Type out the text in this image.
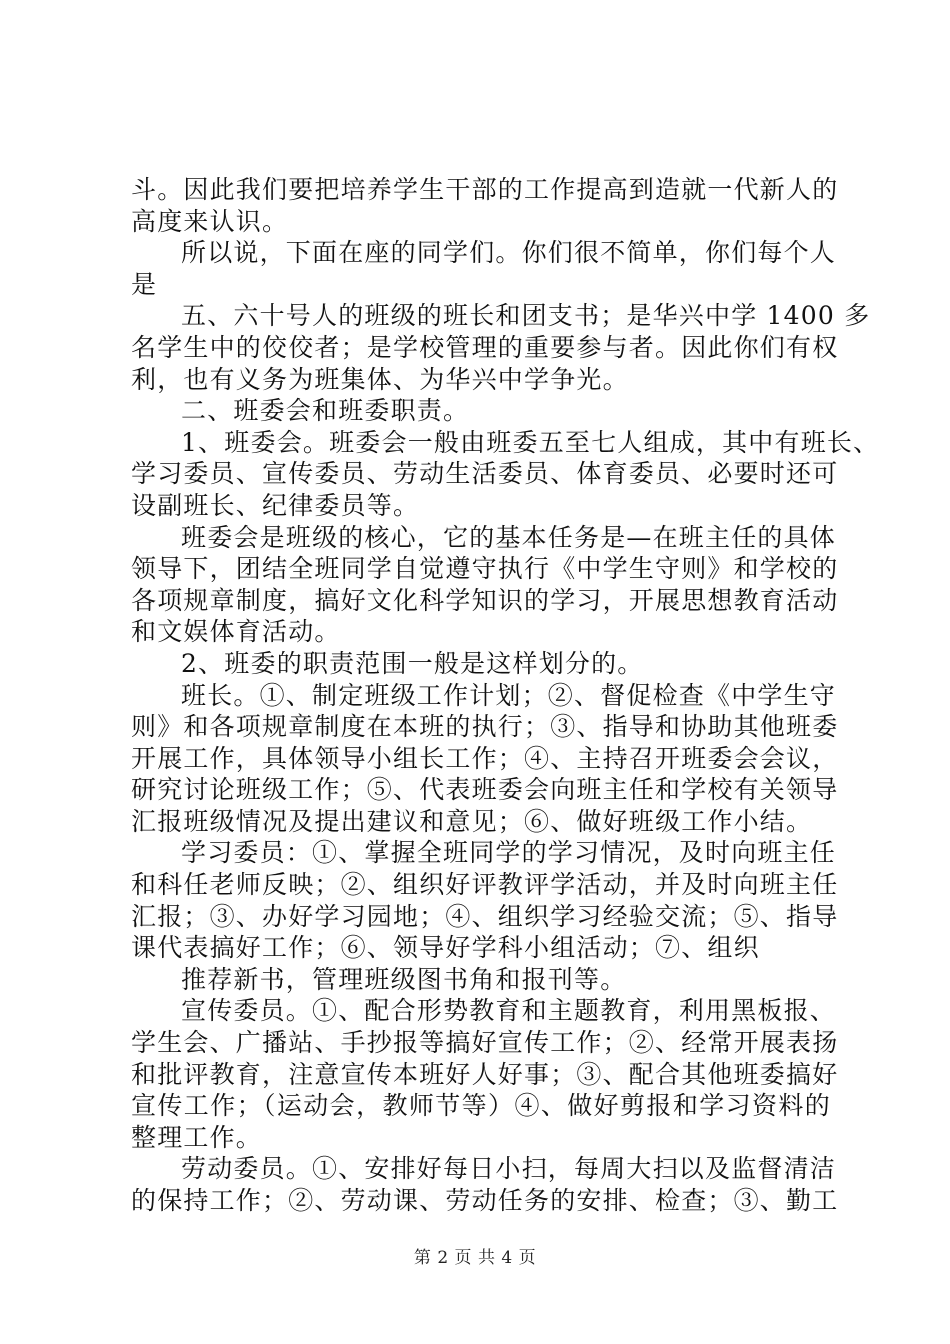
斗。因此我们要把培养学生干部的工作提高到造就一代新人的
高度来认识。
所以说，下面在座的同学们。你们很不简单，你们每个人
是
五、六十号人的班级的班长和团支书；是华兴中学 1400 多
名学生中的佼佼者；是学校管理的重要参与者。因此你们有权
利，也有义务为班集体、为华兴中学争光。
二、班委会和班委职责。
1、班委会。班委会一般由班委五至七人组成，其中有班长、
学习委员、宣传委员、劳动生活委员、体育委员、必要时还可
设副班长、纪律委员等。
班委会是班级的核心，它的基本任务是—在班主任的具体
领导下，团结全班同学自觉遵守执行《中学生守则》和学校的
各项规章制度，搞好文化科学知识的学习，开展思想教育活动
和文娱体育活动。
2、班委的职责范围一般是这样划分的。
班长。①、制定班级工作计划；②、督促检查《中学生守
则》和各项规章制度在本班的执行；③、指导和协助其他班委
开展工作，具体领导小组长工作；④、主持召开班委会会议，
研究讨论班级工作；⑤、代表班委会向班主任和学校有关领导
汇报班级情况及提出建议和意见；⑥、做好班级工作小结。
学习委员：①、掌握全班同学的学习情况，及时向班主任
和科任老师反映；②、组织好评教评学活动，并及时向班主任
汇报；③、办好学习园地；④、组织学习经验交流；⑤、指导
课代表搞好工作；⑥、领导好学科小组活动；⑦、组织
推荐新书，管理班级图书角和报刊等。
宣传委员。①、配合形势教育和主题教育，利用黑板报、
学生会、广播站、手抄报等搞好宣传工作；②、经常开展表扬
和批评教育，注意宣传本班好人好事；③、配合其他班委搞好
宣传工作；（运动会，教师节等）④、做好剪报和学习资料的
整理工作。
劳动委员。①、安排好每日小扫，每周大扫以及监督清洁
的保持工作；②、劳动课、劳动任务的安排、检查；③、勤工
第 2 页 共 4 页
